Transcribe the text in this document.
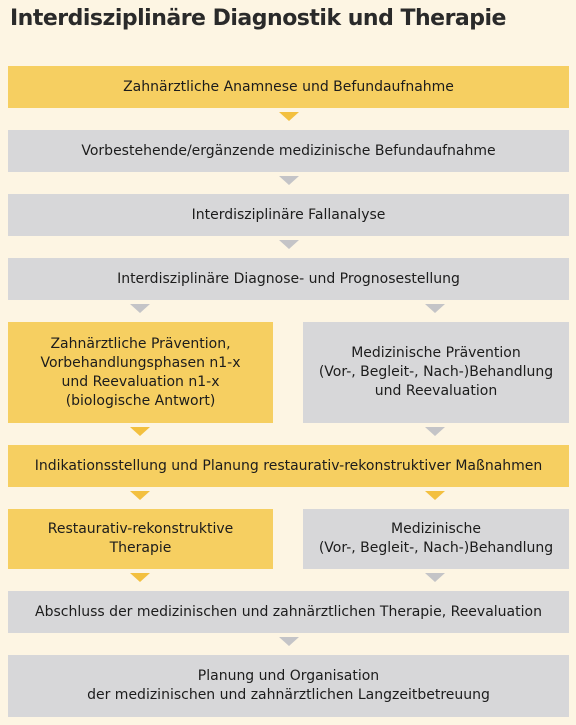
Interdisziplinäre Diagnostik und Therapie
Zahnärztliche Anamnese und Befundaufnahme
Vorbestehende/ergänzende medizinische Befundaufnahme
Interdisziplinäre Fallanalyse
Interdisziplinäre Diagnose- und Prognosestellung
Zahnärztliche Prävention,
Vorbehandlungsphasen n1-x
und Reevaluation n1-x
(biologische Antwort)
Medizinische Prävention
(Vor-, Begleit-, Nach-)Behandlung
und Reevaluation
Indikationsstellung und Planung restaurativ-rekonstruktiver Maßnahmen
Restaurativ-rekonstruktive
Therapie
Medizinische
(Vor-, Begleit-, Nach-)Behandlung
Abschluss der medizinischen und zahnärztlichen Therapie, Reevaluation
Planung und Organisation
der medizinischen und zahnärztlichen Langzeitbetreuung
